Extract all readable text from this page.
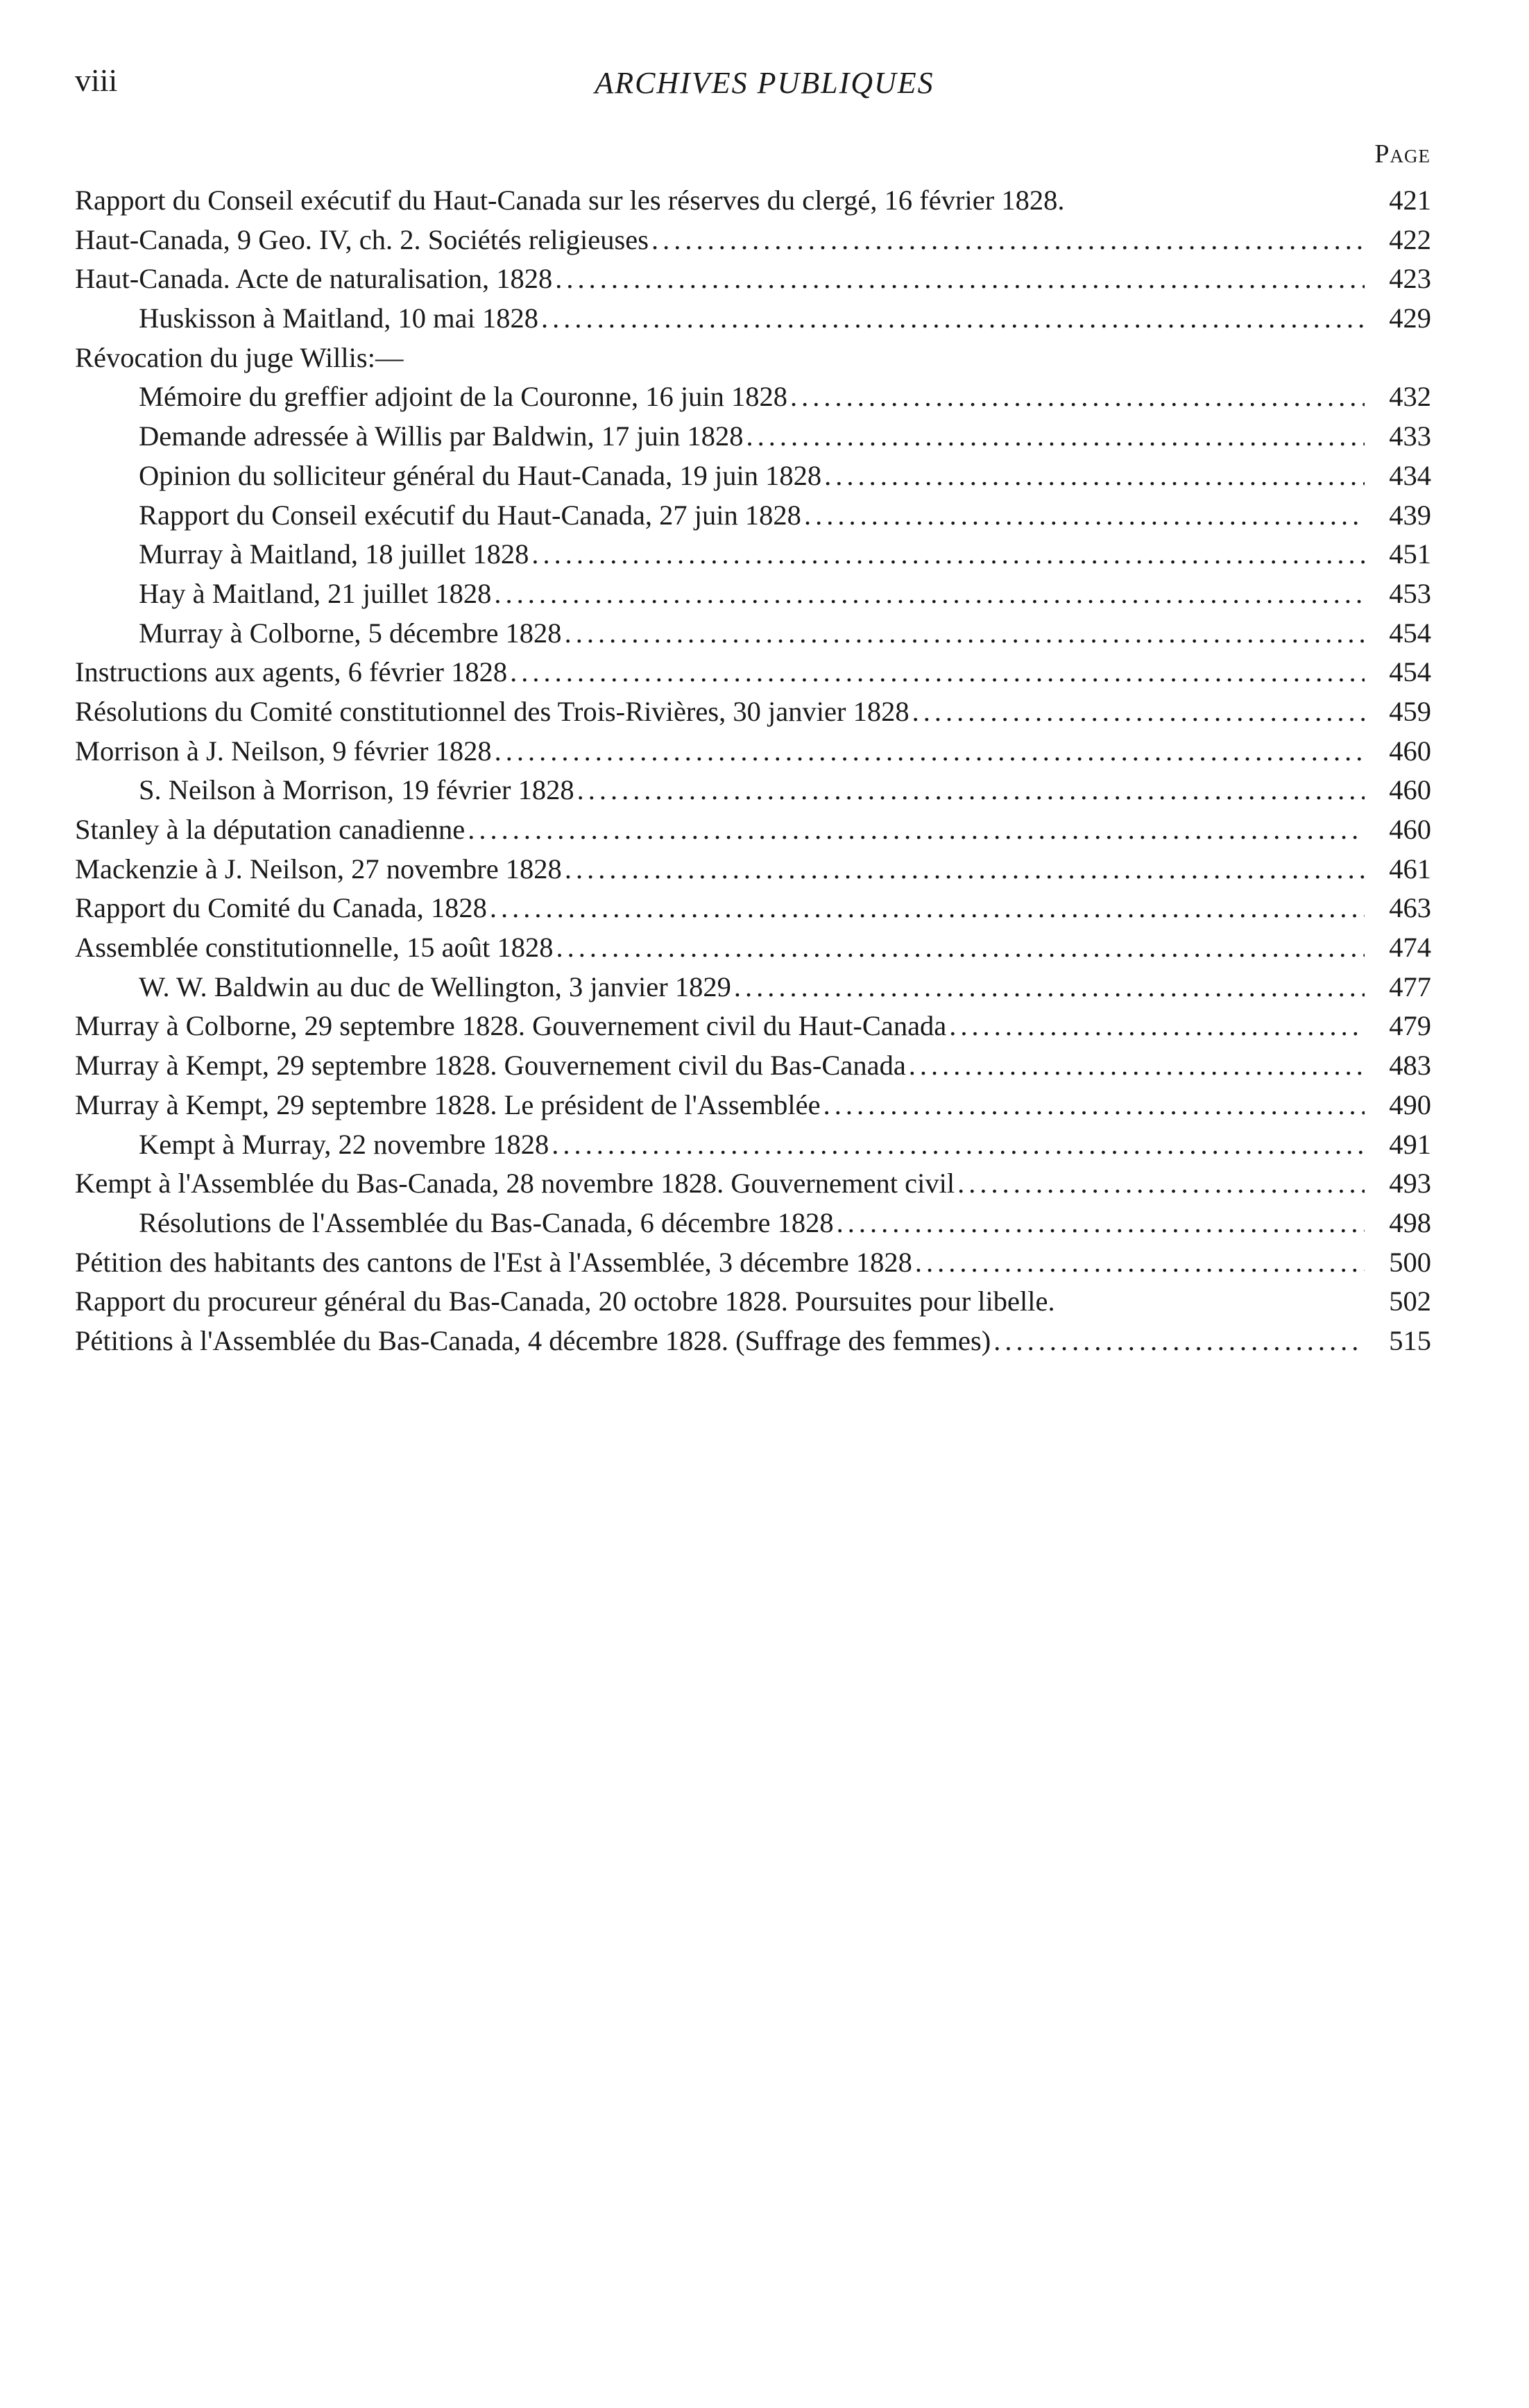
viii	ARCHIVES PUBLIQUES
Page
Rapport du Conseil exécutif du Haut-Canada sur les réserves du clergé, 16 février 1828.	421
Haut-Canada, 9 Geo. IV, ch. 2. Sociétés religieuses .....	422
Haut-Canada. Acte de naturalisation, 1828 .....	423
Huskisson à Maitland, 10 mai 1828 .....	429
Révocation du juge Willis:—
Mémoire du greffier adjoint de la Couronne, 16 juin 1828 .....	432
Demande adressée à Willis par Baldwin, 17 juin 1828 .....	433
Opinion du solliciteur général du Haut-Canada, 19 juin 1828 .....	434
Rapport du Conseil exécutif du Haut-Canada, 27 juin 1828 .....	439
Murray à Maitland, 18 juillet 1828 .....	451
Hay à Maitland, 21 juillet 1828 .....	453
Murray à Colborne, 5 décembre 1828 .....	454
Instructions aux agents, 6 février 1828 .....	454
Résolutions du Comité constitutionnel des Trois-Rivières, 30 janvier 1828 .....	459
Morrison à J. Neilson, 9 février 1828 .....	460
S. Neilson à Morrison, 19 février 1828 .....	460
Stanley à la députation canadienne .....	460
Mackenzie à J. Neilson, 27 novembre 1828 .....	461
Rapport du Comité du Canada, 1828 .....	463
Assemblée constitutionnelle, 15 août 1828 .....	474
W. W. Baldwin au duc de Wellington, 3 janvier 1829 .....	477
Murray à Colborne, 29 septembre 1828. Gouvernement civil du Haut-Canada .....	479
Murray à Kempt, 29 septembre 1828. Gouvernement civil du Bas-Canada .....	483
Murray à Kempt, 29 septembre 1828. Le président de l'Assemblée .....	490
Kempt à Murray, 22 novembre 1828 .....	491
Kempt à l'Assemblée du Bas-Canada, 28 novembre 1828. Gouvernement civil .....	493
Résolutions de l'Assemblée du Bas-Canada, 6 décembre 1828 .....	498
Pétition des habitants des cantons de l'Est à l'Assemblée, 3 décembre 1828 .....	500
Rapport du procureur général du Bas-Canada, 20 octobre 1828. Poursuites pour libelle.	502
Pétitions à l'Assemblée du Bas-Canada, 4 décembre 1828. (Suffrage des femmes) .....	515
